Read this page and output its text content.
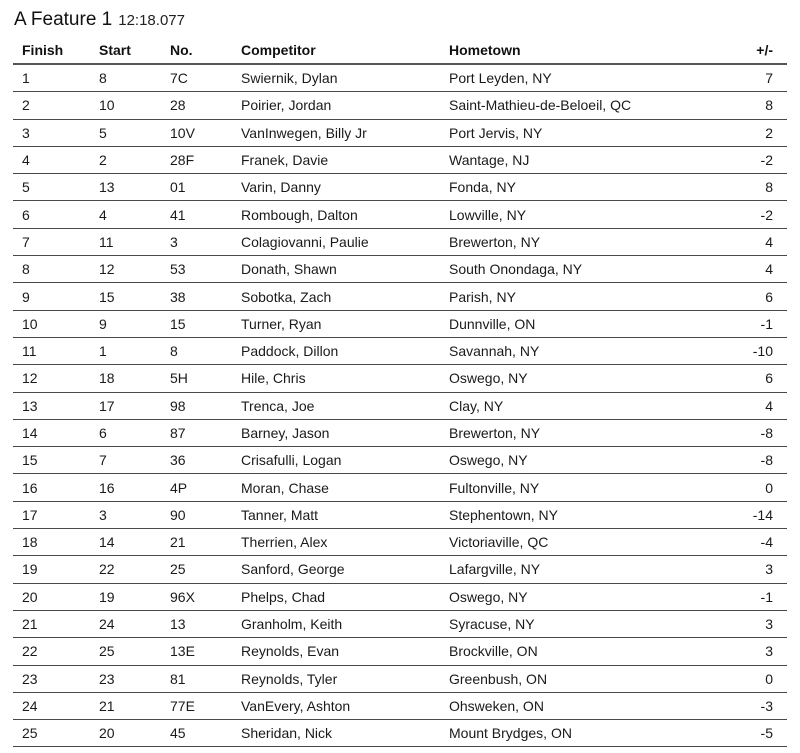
A Feature 1 12:18.077
Finish	Start	No.	Competitor	Hometown	+/-
1	8	7C	Swiernik, Dylan	Port Leyden, NY	7
2	10	28	Poirier, Jordan	Saint-Mathieu-de-Beloeil, QC	8
3	5	10V	VanInwegen, Billy Jr	Port Jervis, NY	2
4	2	28F	Franek, Davie	Wantage, NJ	-2
5	13	01	Varin, Danny	Fonda, NY	8
6	4	41	Rombough, Dalton	Lowville, NY	-2
7	11	3	Colagiovanni, Paulie	Brewerton, NY	4
8	12	53	Donath, Shawn	South Onondaga, NY	4
9	15	38	Sobotka, Zach	Parish, NY	6
10	9	15	Turner, Ryan	Dunnville, ON	-1
11	1	8	Paddock, Dillon	Savannah, NY	-10
12	18	5H	Hile, Chris	Oswego, NY	6
13	17	98	Trenca, Joe	Clay, NY	4
14	6	87	Barney, Jason	Brewerton, NY	-8
15	7	36	Crisafulli, Logan	Oswego, NY	-8
16	16	4P	Moran, Chase	Fultonville, NY	0
17	3	90	Tanner, Matt	Stephentown, NY	-14
18	14	21	Therrien, Alex	Victoriaville, QC	-4
19	22	25	Sanford, George	Lafargville, NY	3
20	19	96X	Phelps, Chad	Oswego, NY	-1
21	24	13	Granholm, Keith	Syracuse, NY	3
22	25	13E	Reynolds, Evan	Brockville, ON	3
23	23	81	Reynolds, Tyler	Greenbush, ON	0
24	21	77E	VanEvery, Ashton	Ohsweken, ON	-3
25	20	45	Sheridan, Nick	Mount Brydges, ON	-5
